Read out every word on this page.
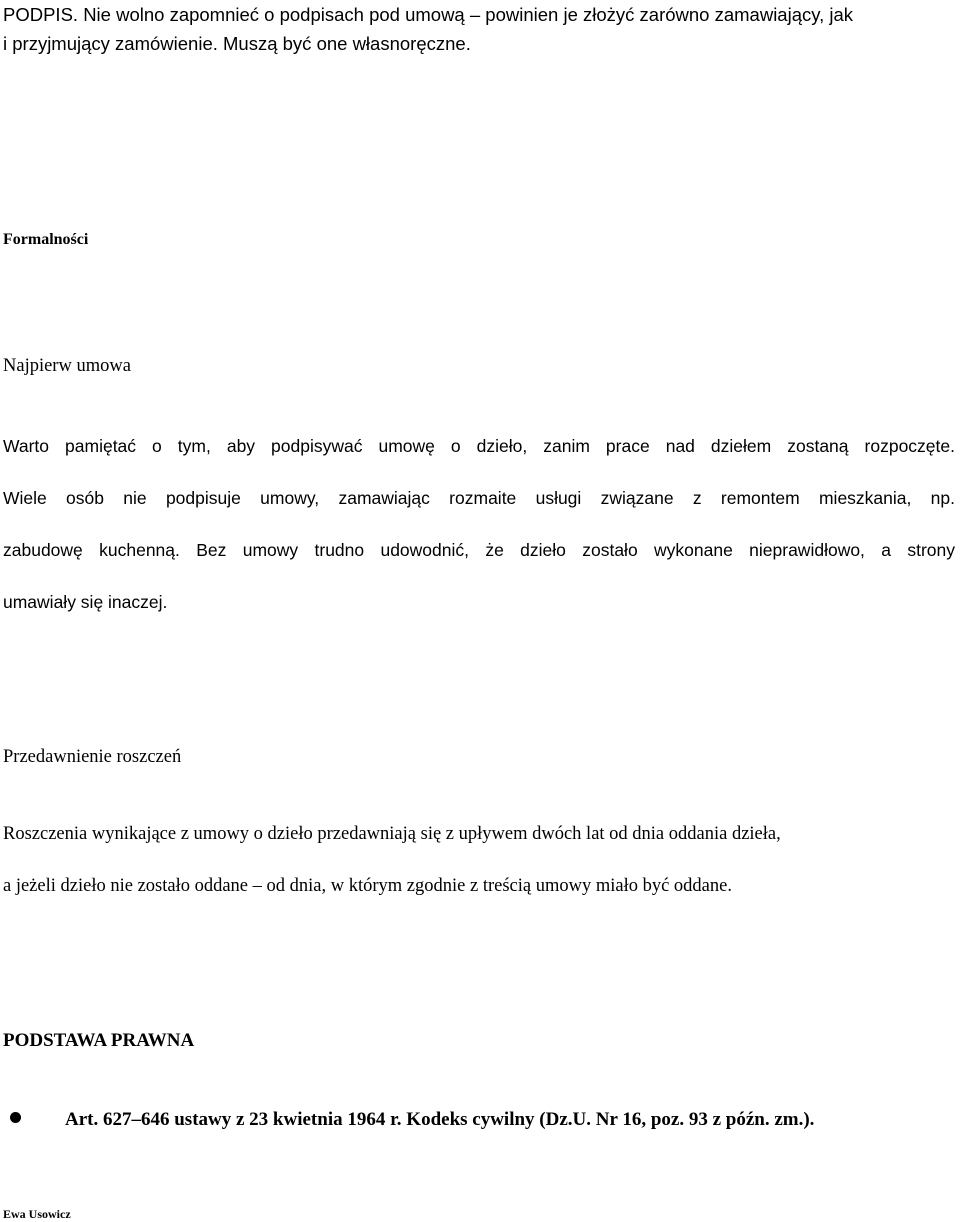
PODPIS. Nie wolno zapomnieć o podpisach pod umową – powinien je złożyć zarówno zamawiający, jak
i przyjmujący zamówienie. Muszą być one własnoręczne.
Formalności
Najpierw umowa
Warto pamiętać o tym, aby podpisywać umowę o dzieło, zanim prace nad dziełem zostaną rozpoczęte.
Wiele osób nie podpisuje umowy, zamawiając rozmaite usługi związane z remontem mieszkania, np.
zabudowę kuchenną. Bez umowy trudno udowodnić, że dzieło zostało wykonane nieprawidłowo, a strony
umawiały się inaczej.
Przedawnienie roszczeń
Roszczenia wynikające z umowy o dzieło przedawniają się z upływem dwóch lat od dnia oddania dzieła,
a jeżeli dzieło nie zostało oddane – od dnia, w którym zgodnie z treścią umowy miało być oddane.
PODSTAWA PRAWNA
Art. 627–646 ustawy z 23 kwietnia 1964 r. Kodeks cywilny (Dz.U. Nr 16, poz. 93 z późn. zm.).
Ewa Usowicz
